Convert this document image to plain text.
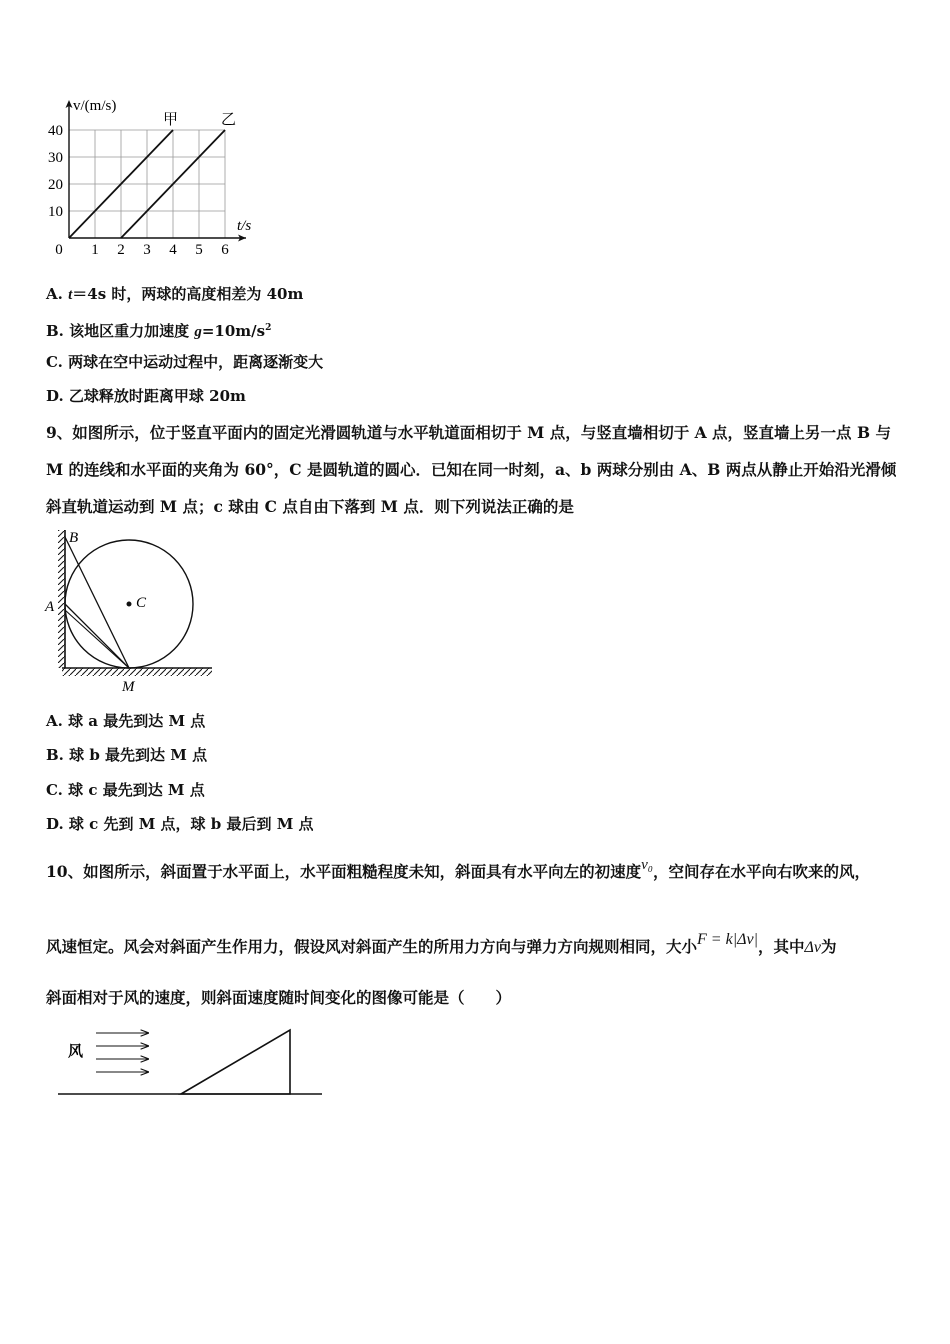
1 2 3 4 5 6
10
20
30
40
0
v/(m/s)
t/s
甲	乙
A. t＝4s 时，两球的高度相差为 40m
B. 该地区重力加速度 $g=10m/s^2$
C. 两球在空中运动过程中，距离逐渐变大
D. 乙球释放时距离甲球 20m
9、如图所示，位于竖直平面内的固定光滑圆轨道与水平轨道面相切于 M 点，与竖直墙相切于 A 点，竖直墙上另一点 B 与
M 的连线和水平面的夹角为 60°，C 是圆轨道的圆心．已知在同一时刻，a、b 两球分别由 A、B 两点从静止开始沿光滑倾
斜直轨道运动到 M 点；c 球由 C 点自由下落到 M 点．则下列说法正确的是
B
A	C
M
A. 球 a 最先到达 M 点
B. 球 b 最先到达 M 点
C. 球 c 最先到达 M 点
D. 球 c 先到 M 点，球 b 最后到 M 点
10、如图所示，斜面置于水平面上，水平面粗糙程度未知，斜面具有水平向左的初速度v₀，空间存在水平向右吹来的风，
风速恒定。风会对斜面产生作用力，假设风对斜面产生的所用力方向与弹力方向规则相同，大小F = k|Δv|，其中Δv为
斜面相对于风的速度，则斜面速度随时间变化的图像可能是（　　）
风
